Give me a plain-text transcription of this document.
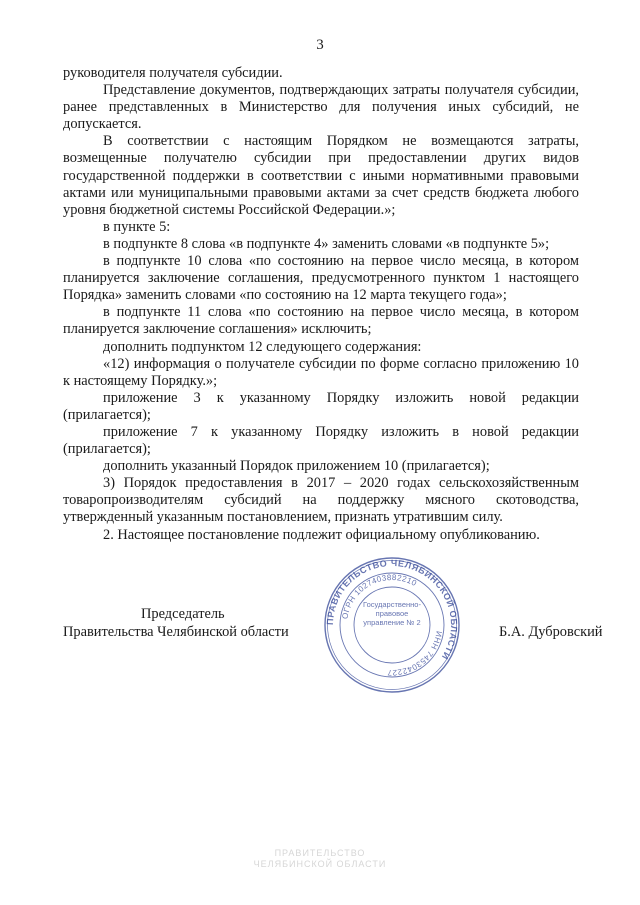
3

руководителя получателя субсидии.

Представление документов, подтверждающих затраты получателя субсидии, ранее представленных в Министерство для получения иных субсидий, не допускается.

В соответствии с настоящим Порядком не возмещаются затраты, возмещенные получателю субсидии при предоставлении других видов государственной поддержки в соответствии с иными нормативными правовыми актами или муниципальными правовыми актами за счет средств бюджета любого уровня бюджетной системы Российской Федерации.»;

в пункте 5:

в подпункте 8 слова «в подпункте 4» заменить словами «в подпункте 5»;

в подпункте 10 слова «по состоянию на первое число месяца, в котором планируется заключение соглашения, предусмотренного пунктом 1 настоящего Порядка» заменить словами «по состоянию на 12 марта текущего года»;

в подпункте 11 слова «по состоянию на первое число месяца, в котором планируется заключение соглашения» исключить;

дополнить подпунктом 12 следующего содержания:

«12) информация о получателе субсидии по форме согласно приложению 10 к настоящему Порядку.»;

приложение 3 к указанному Порядку изложить новой редакции (прилагается);

приложение 7 к указанному Порядку изложить в новой редакции (прилагается);

дополнить указанный Порядок приложением 10 (прилагается);

3) Порядок предоставления в 2017 – 2020 годах сельскохозяйственным товаропроизводителям субсидий на поддержку мясного скотоводства, утвержденный указанным постановлением, признать утратившим силу.

2. Настоящее постановление подлежит официальному опубликованию.

Председатель

Правительства Челябинской области

ПРАВИТЕЛЬСТВО ЧЕЛЯБИНСКОЙ ОБЛАСТИ
ОГРН 1027403882210
ИНН 7453042227
Государственно-правовое управление № 2
Б.А. Дубровский

ПРАВИТЕЛЬСТВО

ЧЕЛЯБИНСКОЙ ОБЛАСТИ
